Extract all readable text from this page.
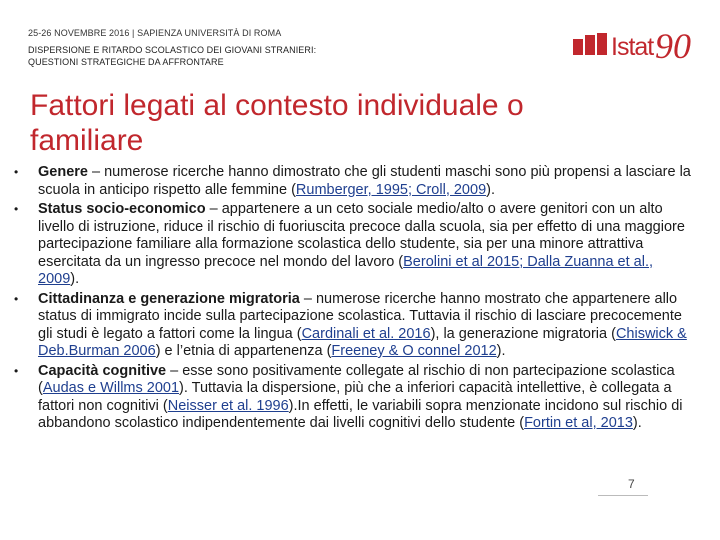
25-26 NOVEMBRE 2016 | SAPIENZA UNIVERSITÀ DI ROMA
DISPERSIONE E RITARDO SCOLASTICO DEI GIOVANI STRANIERI:
QUESTIONI STRATEGICHE DA AFFRONTARE
Istat 90
Fattori legati al contesto individuale o familiare
• Genere – numerose ricerche hanno dimostrato che gli studenti maschi sono più propensi a lasciare la scuola in anticipo rispetto alle femmine (Rumberger, 1995; Croll, 2009).
• Status socio-economico – appartenere a un ceto sociale medio/alto o avere genitori con un alto livello di istruzione, riduce il rischio di fuoriuscita precoce dalla scuola, sia per effetto di una maggiore partecipazione familiare alla formazione scolastica dello studente, sia per una minore attrattiva esercitata da un ingresso precoce nel mondo del lavoro (Berolini et al 2015; Dalla Zuanna et al., 2009).
• Cittadinanza e generazione migratoria – numerose ricerche hanno mostrato che appartenere allo status di immigrato incide sulla partecipazione scolastica. Tuttavia il rischio di lasciare precocemente gli studi è legato a fattori come la lingua (Cardinali et al. 2016), la generazione migratoria (Chiswick & Deb.Burman 2006) e l’etnia di appartenenza (Freeney & O connel 2012).
• Capacità cognitive – esse sono positivamente collegate al rischio di non partecipazione scolastica (Audas e Willms 2001). Tuttavia la dispersione, più che a inferiori capacità intellettive, è collegata a fattori non cognitivi (Neisser et al. 1996).In effetti, le variabili sopra menzionate incidono sul rischio di abbandono scolastico indipendentemente dai livelli cognitivi dello studente (Fortin et al, 2013).
7
